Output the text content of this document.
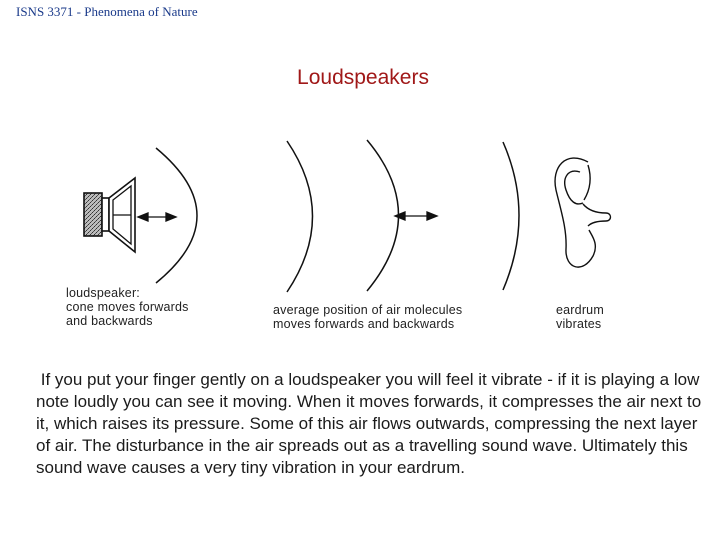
ISNS 3371 - Phenomena of Nature
Loudspeakers
loudspeaker:
cone moves forwards
and backwards
average position of air molecules
moves forwards and backwards
eardrum
vibrates
If you put your finger gently on a loudspeaker you will feel it vibrate - if it is playing a low note loudly you can see it moving. When it moves forwards, it compresses the air next to it, which raises its pressure. Some of this air flows outwards, compressing the next layer of air. The disturbance in the air spreads out as a travelling sound wave. Ultimately this sound wave causes a very tiny vibration in your eardrum.
